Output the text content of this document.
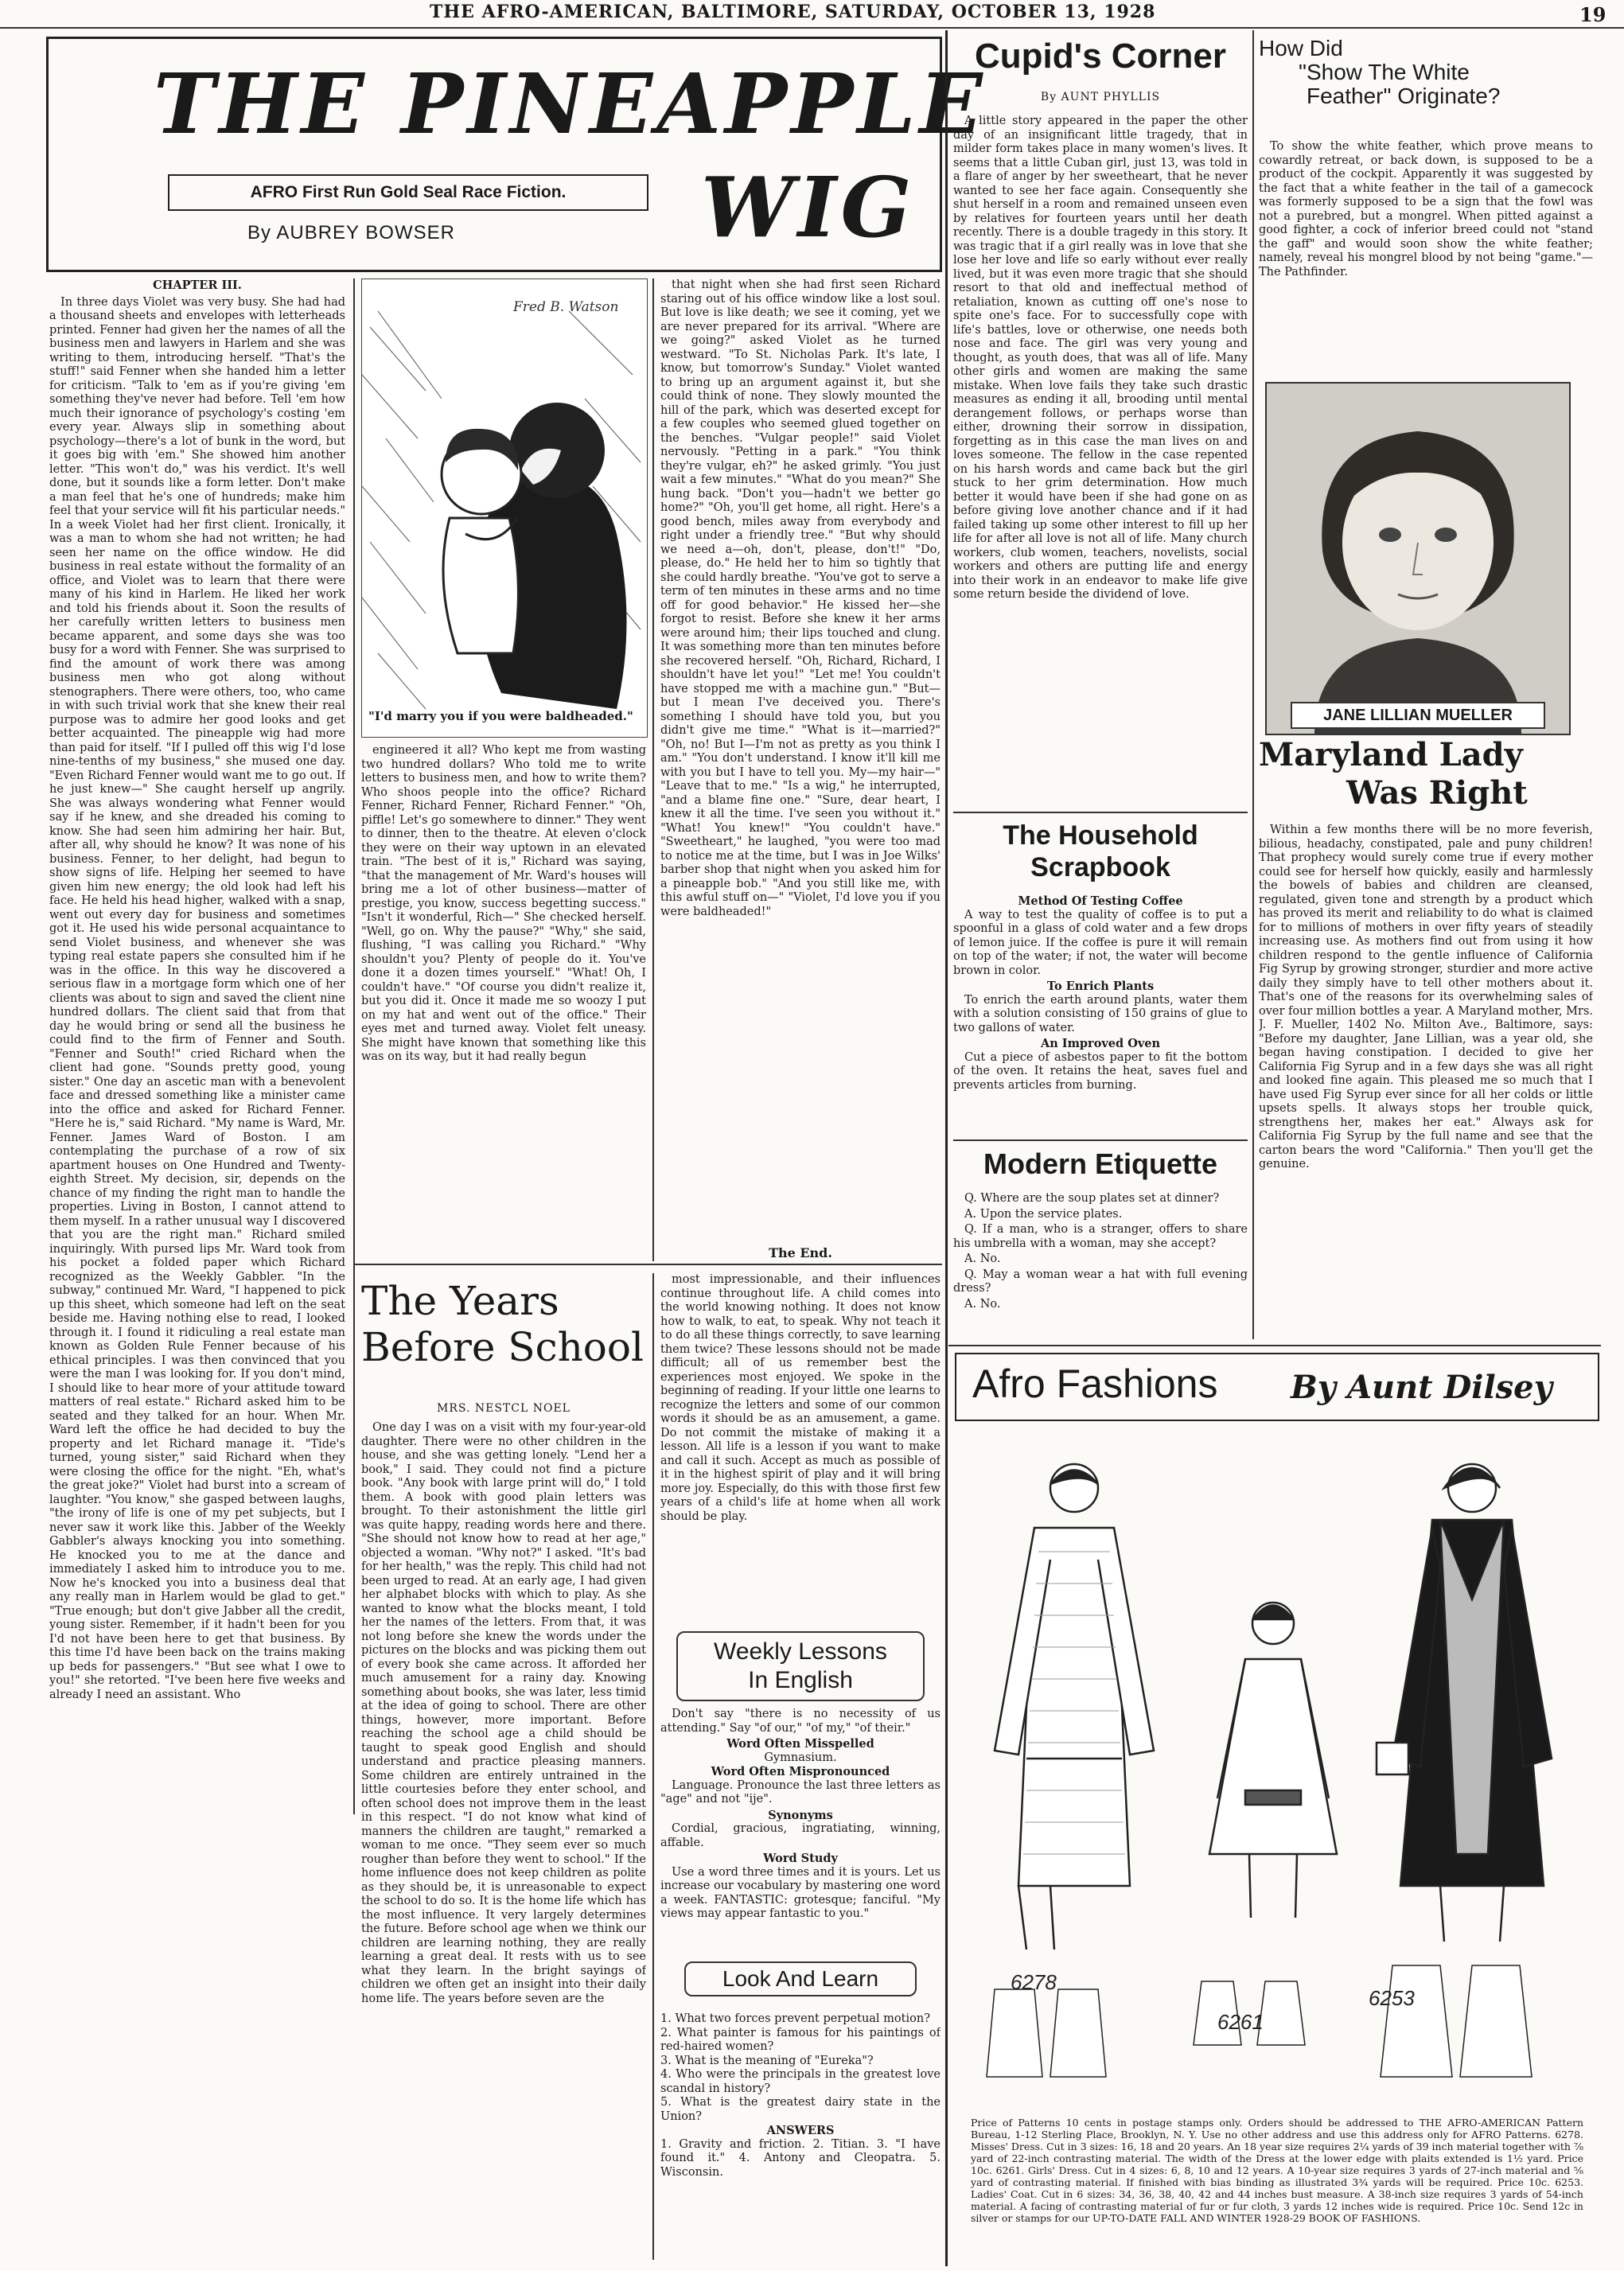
THE AFRO-AMERICAN, BALTIMORE, SATURDAY, OCTOBER 13, 1928	19
THE PINEAPPLE
WIG
AFRO First Run Gold Seal Race Fiction.
By AUBREY BOWSER
CHAPTER III.

In three days Violet was very busy. She had had a thousand sheets and envelopes with letterheads printed. Fenner had given her the names of all the business men and lawyers in Harlem and she was writing to them, introducing herself. "That's the stuff!" said Fenner when she handed him a letter for criticism. "Talk to 'em as if you're giving 'em something they've never had before. Tell 'em how much their ignorance of psychology's costing 'em every year. Always slip in something about psychology—there's a lot of bunk in the word, but it goes big with 'em." She showed him another letter. "This won't do," was his verdict. It's well done, but it sounds like a form letter. Don't make a man feel that he's one of hundreds; make him feel that your service will fit his particular needs." In a week Violet had her first client. Ironically, it was a man to whom she had not written; he had seen her name on the office window. He did business in real estate without the formality of an office, and Violet was to learn that there were many of his kind in Harlem. He liked her work and told his friends about it. Soon the results of her carefully written letters to business men became apparent, and some days she was too busy for a word with Fenner. She was surprised to find the amount of work there was among business men who got along without stenographers. There were others, too, who came in with such trivial work that she knew their real purpose was to admire her good looks and get better acquainted. The pineapple wig had more than paid for itself. "If I pulled off this wig I'd lose nine-tenths of my business," she mused one day. "Even Richard Fenner would want me to go out. If he just knew—" She caught herself up angrily. She was always wondering what Fenner would say if he knew, and she dreaded his coming to know. She had seen him admiring her hair. But, after all, why should he know? It was none of his business. Fenner, to her delight, had begun to show signs of life. Helping her seemed to have given him new energy; the old look had left his face. He held his head higher, walked with a snap, went out every day for business and sometimes got it. He used his wide personal acquaintance to send Violet business, and whenever she was typing real estate papers she consulted him if he was in the office. In this way he discovered a serious flaw in a mortgage form which one of her clients was about to sign and saved the client nine hundred dollars. The client said that from that day he would bring or send all the business he could find to the firm of Fenner and South. "Fenner and South!" cried Richard when the client had gone. "Sounds pretty good, young sister." One day an ascetic man with a benevolent face and dressed something like a minister came into the office and asked for Richard Fenner. "Here he is," said Richard. "My name is Ward, Mr. Fenner. James Ward of Boston. I am contemplating the purchase of a row of six apartment houses on One Hundred and Twenty-eighth Street. My decision, sir, depends on the chance of my finding the right man to handle the properties. Living in Boston, I cannot attend to them myself. In a rather unusual way I discovered that you are the right man." Richard smiled inquiringly. With pursed lips Mr. Ward took from his pocket a folded paper which Richard recognized as the Weekly Gabbler. "In the subway," continued Mr. Ward, "I happened to pick up this sheet, which someone had left on the seat beside me. Having nothing else to read, I looked through it. I found it ridiculing a real estate man known as Golden Rule Fenner because of his ethical principles. I was then convinced that you were the man I was looking for. If you don't mind, I should like to hear more of your attitude toward matters of real estate." Richard asked him to be seated and they talked for an hour. When Mr. Ward left the office he had decided to buy the property and let Richard manage it. "Tide's turned, young sister," said Richard when they were closing the office for the night. "Eh, what's the great joke?" Violet had burst into a scream of laughter. "You know," she gasped between laughs, "the irony of life is one of my pet subjects, but I never saw it work like this. Jabber of the Weekly Gabbler's always knocking you into something. He knocked you to me at the dance and immediately I asked him to introduce you to me. Now he's knocked you into a business deal that any really man in Harlem would be glad to get." "True enough; but don't give Jabber all the credit, young sister. Remember, if it hadn't been for you I'd not have been here to get that business. By this time I'd have been back on the trains making up beds for passengers." "But see what I owe to you!" she retorted. "I've been here five weeks and already I need an assistant. Who

Fred B. Watson
"I'd marry you if you were baldheaded."

engineered it all? Who kept me from wasting two hundred dollars? Who told me to write letters to business men, and how to write them? Who shoos people into the office? Richard Fenner, Richard Fenner, Richard Fenner." "Oh, piffle! Let's go somewhere to dinner." They went to dinner, then to the theatre. At eleven o'clock they were on their way uptown in an elevated train. "The best of it is," Richard was saying, "that the management of Mr. Ward's houses will bring me a lot of other business—matter of prestige, you know, success begetting success." "Isn't it wonderful, Rich—" She checked herself. "Well, go on. Why the pause?" "Why," she said, flushing, "I was calling you Richard." "Why shouldn't you? Plenty of people do it. You've done it a dozen times yourself." "What! Oh, I couldn't have." "Of course you didn't realize it, but you did it. Once it made me so woozy I put on my hat and went out of the office." Their eyes met and turned away. Violet felt uneasy. She might have known that something like this was on its way, but it had really begun

that night when she had first seen Richard staring out of his office window like a lost soul. But love is like death; we see it coming, yet we are never prepared for its arrival. "Where are we going?" asked Violet as he turned westward. "To St. Nicholas Park. It's late, I know, but tomorrow's Sunday." Violet wanted to bring up an argument against it, but she could think of none. They slowly mounted the hill of the park, which was deserted except for a few couples who seemed glued together on the benches. "Vulgar people!" said Violet nervously. "Petting in a park." "You think they're vulgar, eh?" he asked grimly. "You just wait a few minutes." "What do you mean?" She hung back. "Don't you—hadn't we better go home?" "Oh, you'll get home, all right. Here's a good bench, miles away from everybody and right under a friendly tree." "But why should we need a—oh, don't, please, don't!" "Do, please, do." He held her to him so tightly that she could hardly breathe. "You've got to serve a term of ten minutes in these arms and no time off for good behavior." He kissed her—she forgot to resist. Before she knew it her arms were around him; their lips touched and clung. It was something more than ten minutes before she recovered herself. "Oh, Richard, Richard, I shouldn't have let you!" "Let me! You couldn't have stopped me with a machine gun." "But—but I mean I've deceived you. There's something I should have told you, but you didn't give me time." "What is it—married?" "Oh, no! But I—I'm not as pretty as you think I am." "You don't understand. I know it'll kill me with you but I have to tell you. My—my hair—" "Leave that to me." "Is a wig," he interrupted, "and a blame fine one." "Sure, dear heart, I knew it all the time. I've seen you without it." "What! You knew!" "You couldn't have." "Sweetheart," he laughed, "you were too mad to notice me at the time, but I was in Joe Wilks' barber shop that night when you asked him for a pineapple bob." "And you still like me, with this awful stuff on—" "Violet, I'd love you if you were baldheaded!"

The End.
The Years
Before School
MRS. NESTCL NOEL

One day I was on a visit with my four-year-old daughter. There were no other children in the house, and she was getting lonely. "Lend her a book," I said. They could not find a picture book. "Any book with large print will do," I told them. A book with good plain letters was brought. To their astonishment the little girl was quite happy, reading words here and there. "She should not know how to read at her age," objected a woman. "Why not?" I asked. "It's bad for her health," was the reply. This child had not been urged to read. At an early age, I had given her alphabet blocks with which to play. As she wanted to know what the blocks meant, I told her the names of the letters. From that, it was not long before she knew the words under the pictures on the blocks and was picking them out of every book she came across. It afforded her much amusement for a rainy day. Knowing something about books, she was later, less timid at the idea of going to school. There are other things, however, more important. Before reaching the school age a child should be taught to speak good English and should understand and practice pleasing manners. Some children are entirely untrained in the little courtesies before they enter school, and often school does not improve them in the least in this respect. "I do not know what kind of manners the children are taught," remarked a woman to me once. "They seem ever so much rougher than before they went to school." If the home influence does not keep children as polite as they should be, it is unreasonable to expect the school to do so. It is the home life which has the most influence. It very largely determines the future. Before school age when we think our children are learning nothing, they are really learning a great deal. It rests with us to see what they learn. In the bright sayings of children we often get an insight into their daily home life. The years before seven are the

most impressionable, and their influences continue throughout life. A child comes into the world knowing nothing. It does not know how to walk, to eat, to speak. Why not teach it to do all these things correctly, to save learning them twice? These lessons should not be made difficult; all of us remember best the experiences most enjoyed. We spoke in the beginning of reading. If your little one learns to recognize the letters and some of our common words it should be as an amusement, a game. Do not commit the mistake of making it a lesson. All life is a lesson if you want to make and call it such. Accept as much as possible of it in the highest spirit of play and it will bring more joy. Especially, do this with those first few years of a child's life at home when all work should be play.

Weekly Lessons
In English

Don't say "there is no necessity of us attending." Say "of our," "of my," "of their."

Word Often Misspelled
Gymnasium.
Word Often Mispronounced

Language. Pronounce the last three letters as "age" and not "ije".

Synonyms

Cordial, gracious, ingratiating, winning, affable.

Word Study

Use a word three times and it is yours. Let us increase our vocabulary by mastering one word a week. FANTASTIC: grotesque; fanciful. "My views may appear fantastic to you."

Look And Learn
1. What two forces prevent perpetual motion?
2. What painter is famous for his paintings of red-haired women?
3. What is the meaning of "Eureka"?
4. Who were the principals in the greatest love scandal in history?
5. What is the greatest dairy state in the Union?
ANSWERS
1. Gravity and friction. 2. Titian. 3. "I have found it." 4. Antony and Cleopatra. 5. Wisconsin.
Cupid's Corner
By AUNT PHYLLIS

A little story appeared in the paper the other day of an insignificant little tragedy, that in milder form takes place in many women's lives. It seems that a little Cuban girl, just 13, was told in a flare of anger by her sweetheart, that he never wanted to see her face again. Consequently she shut herself in a room and remained unseen even by relatives for fourteen years until her death recently. There is a double tragedy in this story. It was tragic that if a girl really was in love that she lose her love and life so early without ever really lived, but it was even more tragic that she should resort to that old and ineffectual method of retaliation, known as cutting off one's nose to spite one's face. For to successfully cope with life's battles, love or otherwise, one needs both nose and face. The girl was very young and thought, as youth does, that was all of life. Many other girls and women are making the same mistake. When love fails they take such drastic measures as ending it all, brooding until mental derangement follows, or perhaps worse than either, drowning their sorrow in dissipation, forgetting as in this case the man lives on and loves someone. The fellow in the case repented on his harsh words and came back but the girl stuck to her grim determination. How much better it would have been if she had gone on as before giving love another chance and if it had failed taking up some other interest to fill up her life for after all love is not all of life. Many church workers, club women, teachers, novelists, social workers and others are putting life and energy into their work in an endeavor to make life give some return beside the dividend of love.

The Household
Scrapbook
Method Of Testing Coffee

A way to test the quality of coffee is to put a spoonful in a glass of cold water and a few drops of lemon juice. If the coffee is pure it will remain on top of the water; if not, the water will become brown in color.

To Enrich Plants

To enrich the earth around plants, water them with a solution consisting of 150 grains of glue to two gallons of water.

An Improved Oven

Cut a piece of asbestos paper to fit the bottom of the oven. It retains the heat, saves fuel and prevents articles from burning.

Modern Etiquette

Q. Where are the soup plates set at dinner?

A. Upon the service plates.

Q. If a man, who is a stranger, offers to share his umbrella with a woman, may she accept?

A. No.

Q. May a woman wear a hat with full evening dress?

A. No.

How Did
"Show The White
Feather" Originate?

To show the white feather, which prove means to cowardly retreat, or back down, is supposed to be a product of the cockpit. Apparently it was suggested by the fact that a white feather in the tail of a gamecock was formerly supposed to be a sign that the fowl was not a purebred, but a mongrel. When pitted against a good fighter, a cock of inferior breed could not "stand the gaff" and would soon show the white feather; namely, reveal his mongrel blood by not being "game."—The Pathfinder.

JANE LILLIAN MUELLER
Maryland Lady
Was Right

Within a few months there will be no more feverish, bilious, headachy, constipated, pale and puny children! That prophecy would surely come true if every mother could see for herself how quickly, easily and harmlessly the bowels of babies and children are cleansed, regulated, given tone and strength by a product which has proved its merit and reliability to do what is claimed for to millions of mothers in over fifty years of steadily increasing use. As mothers find out from using it how children respond to the gentle influence of California Fig Syrup by growing stronger, sturdier and more active daily they simply have to tell other mothers about it. That's one of the reasons for its overwhelming sales of over four million bottles a year. A Maryland mother, Mrs. J. F. Mueller, 1402 No. Milton Ave., Baltimore, says: "Before my daughter, Jane Lillian, was a year old, she began having constipation. I decided to give her California Fig Syrup and in a few days she was all right and looked fine again. This pleased me so much that I have used Fig Syrup ever since for all her colds or little upsets spells. It always stops her trouble quick, strengthens her, makes her eat." Always ask for California Fig Syrup by the full name and see that the carton bears the word "California." Then you'll get the genuine.

Afro Fashions By Aunt Dilsey
6278
6261
6253
Price of Patterns 10 cents in postage stamps only. Orders should be addressed to THE AFRO-AMERICAN Pattern Bureau, 1-12 Sterling Place, Brooklyn, N. Y. Use no other address and use this address only for AFRO Patterns. 6278. Misses' Dress. Cut in 3 sizes: 16, 18 and 20 years. An 18 year size requires 2¼ yards of 39 inch material together with ⅞ yard of 22-inch contrasting material. The width of the Dress at the lower edge with plaits extended is 1½ yard. Price 10c. 6261. Girls' Dress. Cut in 4 sizes: 6, 8, 10 and 12 years. A 10-year size requires 3 yards of 27-inch material and ⅝ yard of contrasting material. If finished with bias binding as illustrated 3¾ yards will be required. Price 10c. 6253. Ladies' Coat. Cut in 6 sizes: 34, 36, 38, 40, 42 and 44 inches bust measure. A 38-inch size requires 3 yards of 54-inch material. A facing of contrasting material of fur or fur cloth, 3 yards 12 inches wide is required. Price 10c. Send 12c in silver or stamps for our UP-TO-DATE FALL AND WINTER 1928-29 BOOK OF FASHIONS.
